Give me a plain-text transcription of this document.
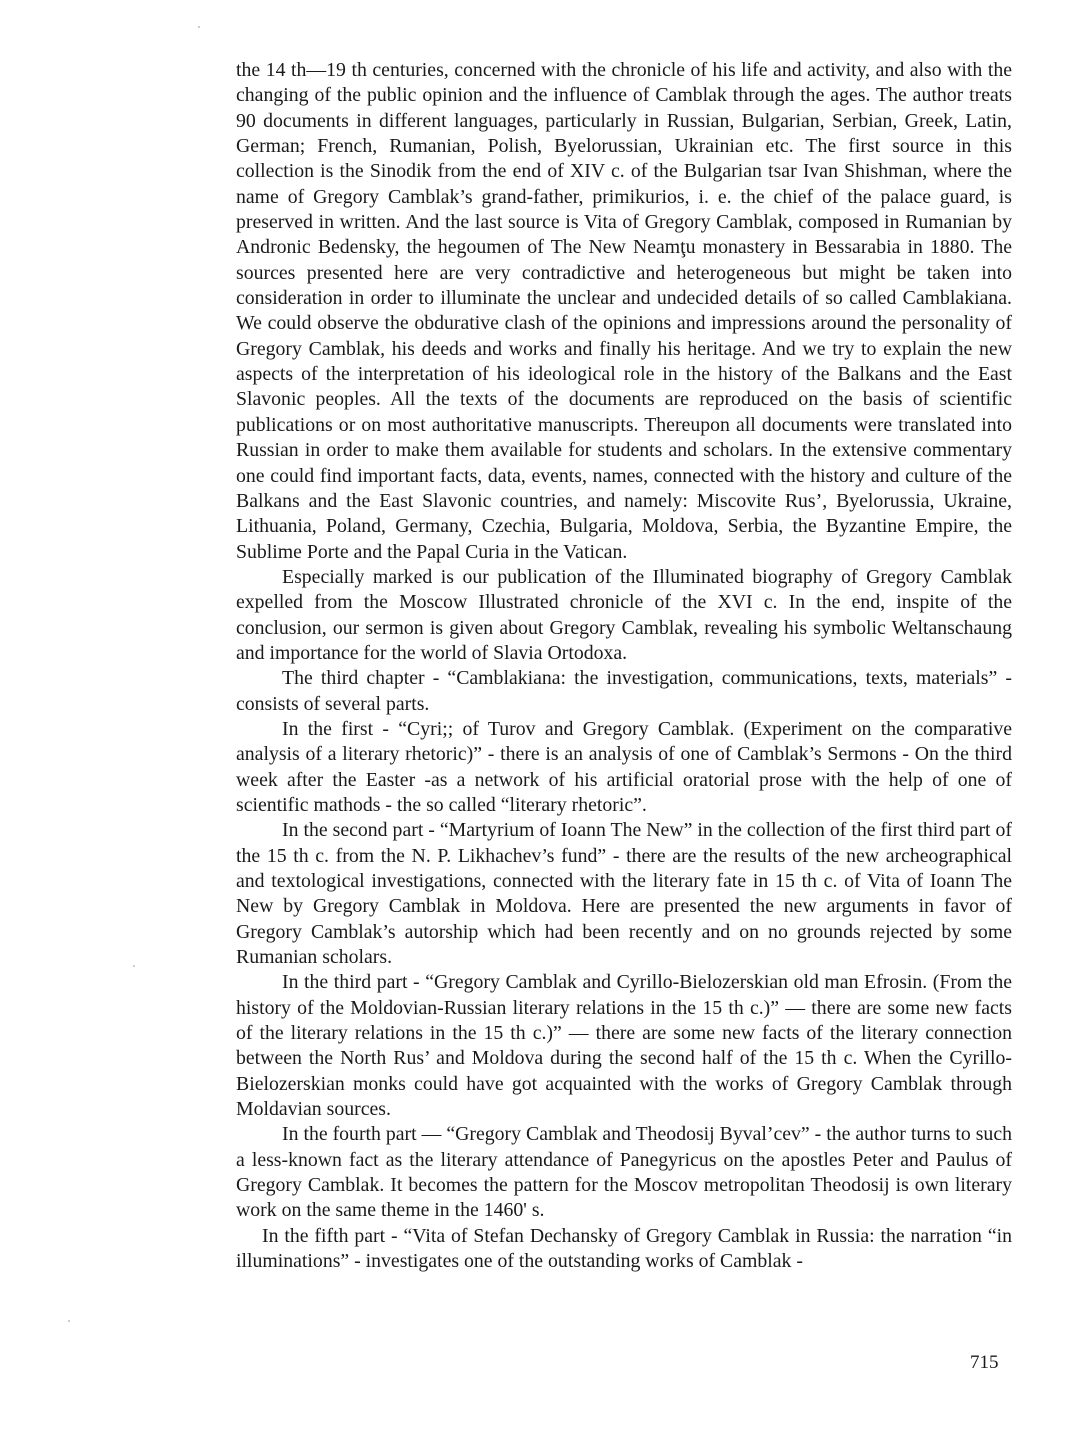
the 14 th—19 th centuries, concerned with the chronicle of his life and activity, and also with the changing of the public opinion and the influence of Camblak through the ages. The author treats 90 documents in different languages, particularly in Russian, Bulgarian, Serbian, Greek, Latin, German; French, Rumanian, Polish, Byelorussian, Ukrainian etc. The first source in this collection is the Sinodik from the end of XIV c. of the Bulgarian tsar Ivan Shishman, where the name of Gregory Camblak’s grand-father, primikurios, i. e. the chief of the palace guard, is preserved in written. And the last source is Vita of Gregory Camblak, composed in Rumanian by Andronic Bedensky, the hegoumen of The New Neamţu monastery in Bessarabia in 1880. The sources presented here are very contradictive and heterogeneous but might be taken into consideration in order to illuminate the unclear and undecided details of so called Camblakiana. We could observe the obdurative clash of the opinions and impressions around the personality of Gregory Camblak, his deeds and works and finally his heritage. And we try to explain the new aspects of the interpretation of his ideological role in the history of the Balkans and the East Slavonic peoples. All the texts of the documents are reproduced on the basis of scientific publications or on most authoritative manuscripts. Thereupon all documents were translated into Russian in order to make them available for students and scholars. In the extensive commentary one could find important facts, data, events, names, connected with the history and culture of the Balkans and the East Slavonic countries, and namely: Miscovite Rus’, Byelorussia, Ukraine, Lithuania, Poland, Germany, Czechia, Bulgaria, Moldova, Serbia, the Byzantine Empire, the Sublime Porte and the Papal Curia in the Vatican.

Especially marked is our publication of the Illuminated biography of Gregory Camblak expelled from the Moscow Illustrated chronicle of the XVI c. In the end, inspite of the conclusion, our sermon is given about Gregory Camblak, revealing his symbolic Weltanschaung and importance for the world of Slavia Ortodoxa.

The third chapter - “Camblakiana: the investigation, communications, texts, materials” - consists of several parts.

In the first - “Cyri;; of Turov and Gregory Camblak. (Experiment on the comparative analysis of a literary rhetoric)” - there is an analysis of one of Camblak’s Sermons - On the third week after the Easter -as a network of his artificial oratorial prose with the help of one of scientific mathods - the so called “literary rhetoric”.

In the second part - “Martyrium of Ioann The New” in the collection of the first third part of the 15 th c. from the N. P. Likhachev’s fund” - there are the results of the new archeographical and textological investigations, connected with the literary fate in 15 th c. of Vita of Ioann The New by Gregory Camblak in Moldova. Here are presented the new arguments in favor of Gregory Camblak’s autorship which had been recently and on no grounds rejected by some Rumanian scholars.

In the third part - “Gregory Camblak and Cyrillo-Bielozerskian old man Efrosin. (From the history of the Moldovian-Russian literary relations in the 15 th c.)” — there are some new facts of the literary relations in the 15 th c.)” — there are some new facts of the literary connection between the North Rus’ and Moldova during the second half of the 15 th c. When the Cyrillo-Bielozerskian monks could have got acquainted with the works of Gregory Camblak through Moldavian sources.

In the fourth part — “Gregory Camblak and Theodosij Byval’cev” - the author turns to such a less-known fact as the literary attendance of Panegyricus on the apostles Peter and Paulus of Gregory Camblak. It becomes the pattern for the Moscov metropolitan Theodosij is own literary work on the same theme in the 1460' s.

In the fifth part - “Vita of Stefan Dechansky of Gregory Camblak in Russia: the narration “in illuminations” - investigates one of the outstanding works of Camblak -

715
